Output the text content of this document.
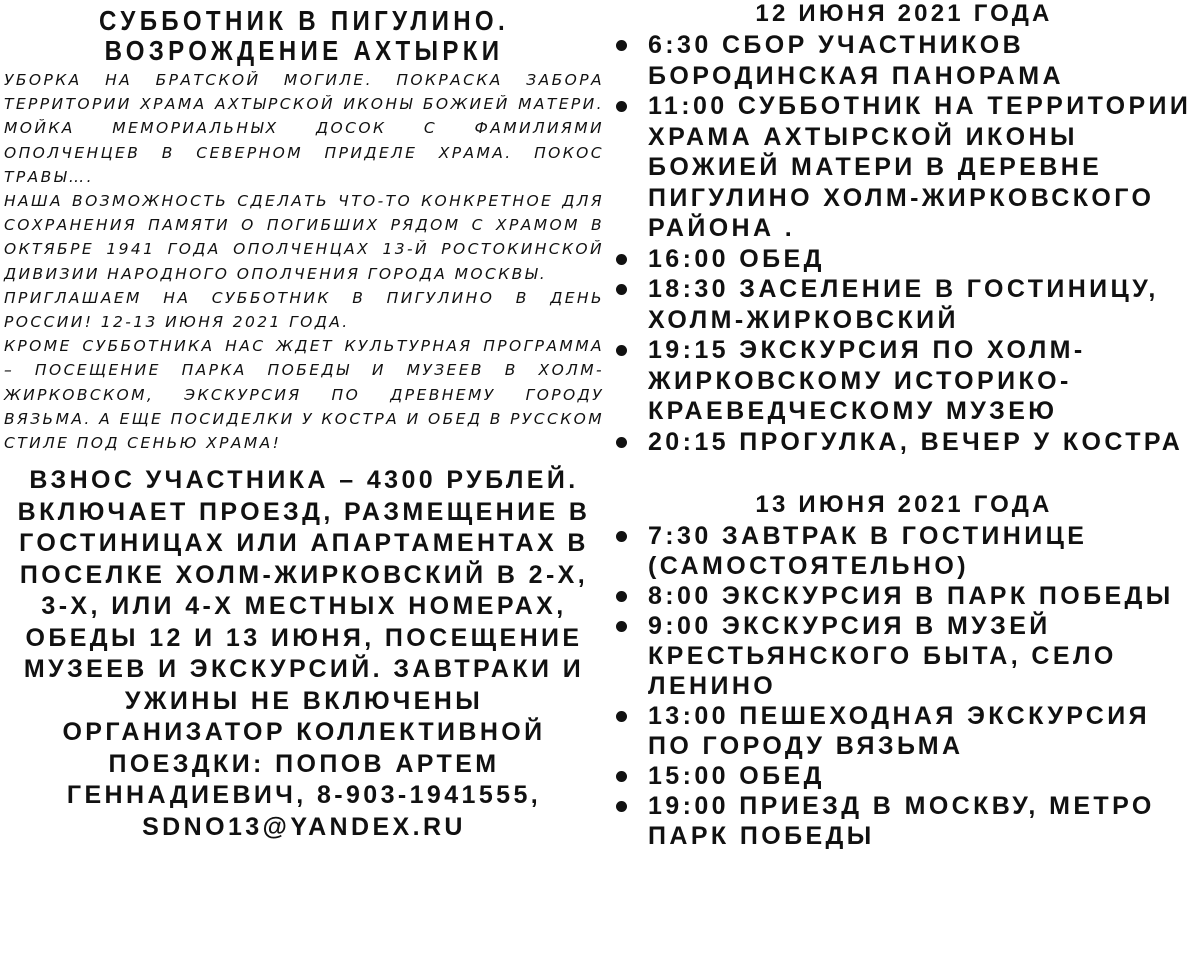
СУББОТНИК В ПИГУЛИНО.
ВОЗРОЖДЕНИЕ АХТЫРКИ

УБОРКА НА БРАТСКОЙ МОГИЛЕ. ПОКРАСКА ЗАБОРА ТЕРРИТОРИИ ХРАМА АХТЫРСКОЙ ИКОНЫ БОЖИЕЙ МАТЕРИ. МОЙКА МЕМОРИАЛЬНЫХ ДОСОК С ФАМИЛИЯМИ ОПОЛЧЕНЦЕВ В СЕВЕРНОМ ПРИДЕЛЕ ХРАМА. ПОКОС ТРАВЫ….

НАША ВОЗМОЖНОСТЬ СДЕЛАТЬ ЧТО-ТО КОНКРЕТНОЕ ДЛЯ СОХРАНЕНИЯ ПАМЯТИ О ПОГИБШИХ РЯДОМ С ХРАМОМ В ОКТЯБРЕ 1941 ГОДА ОПОЛЧЕНЦАХ 13-Й РОСТОКИНСКОЙ ДИВИЗИИ НАРОДНОГО ОПОЛЧЕНИЯ ГОРОДА МОСКВЫ.

ПРИГЛАШАЕМ НА СУББОТНИК В ПИГУЛИНО В ДЕНЬ РОССИИ! 12-13 ИЮНЯ 2021 ГОДА.

КРОМЕ СУББОТНИКА НАС ЖДЕТ КУЛЬТУРНАЯ ПРОГРАММА – ПОСЕЩЕНИЕ ПАРКА ПОБЕДЫ И МУЗЕЕВ В ХОЛМ-ЖИРКОВСКОМ, ЭКСКУРСИЯ ПО ДРЕВНЕМУ ГОРОДУ ВЯЗЬМА. А ЕЩЕ ПОСИДЕЛКИ У КОСТРА И ОБЕД В РУССКОМ СТИЛЕ ПОД СЕНЬЮ ХРАМА!

ВЗНОС УЧАСТНИКА – 4300 РУБЛЕЙ. ВКЛЮЧАЕТ ПРОЕЗД, РАЗМЕЩЕНИЕ В ГОСТИНИЦАХ ИЛИ АПАРТАМЕНТАХ В ПОСЕЛКЕ ХОЛМ-ЖИРКОВСКИЙ В 2-Х, 3-Х, ИЛИ 4-Х МЕСТНЫХ НОМЕРАХ, ОБЕДЫ 12 И 13 ИЮНЯ, ПОСЕЩЕНИЕ МУЗЕЕВ И ЭКСКУРСИЙ. ЗАВТРАКИ И УЖИНЫ НЕ ВКЛЮЧЕНЫ
ОРГАНИЗАТОР КОЛЛЕКТИВНОЙ ПОЕЗДКИ: ПОПОВ АРТЕМ ГЕННАДИЕВИЧ, 8-903-1941555, SDNO13@YANDEX.RU
12 ИЮНЯ 2021 ГОДА
6:30 СБОР УЧАСТНИКОВ БОРОДИНСКАЯ ПАНОРАМА
11:00 СУББОТНИК НА ТЕРРИТОРИИ ХРАМА АХТЫРСКОЙ ИКОНЫ БОЖИЕЙ МАТЕРИ В ДЕРЕВНЕ ПИГУЛИНО ХОЛМ-ЖИРКОВСКОГО РАЙОНА .
16:00 ОБЕД
18:30 ЗАСЕЛЕНИЕ В ГОСТИНИЦУ, ХОЛМ-ЖИРКОВСКИЙ
19:15 ЭКСКУРСИЯ ПО ХОЛМ-ЖИРКОВСКОМУ ИСТОРИКО-КРАЕВЕДЧЕСКОМУ МУЗЕЮ
20:15 ПРОГУЛКА, ВЕЧЕР У КОСТРА
13 ИЮНЯ 2021 ГОДА
7:30 ЗАВТРАК В ГОСТИНИЦЕ (САМОСТОЯТЕЛЬНО)
8:00 ЭКСКУРСИЯ В ПАРК ПОБЕДЫ
9:00 ЭКСКУРСИЯ В МУЗЕЙ КРЕСТЬЯНСКОГО БЫТА, СЕЛО ЛЕНИНО
13:00 ПЕШЕХОДНАЯ ЭКСКУРСИЯ ПО ГОРОДУ ВЯЗЬМА
15:00 ОБЕД
19:00 ПРИЕЗД В МОСКВУ, МЕТРО ПАРК ПОБЕДЫ
